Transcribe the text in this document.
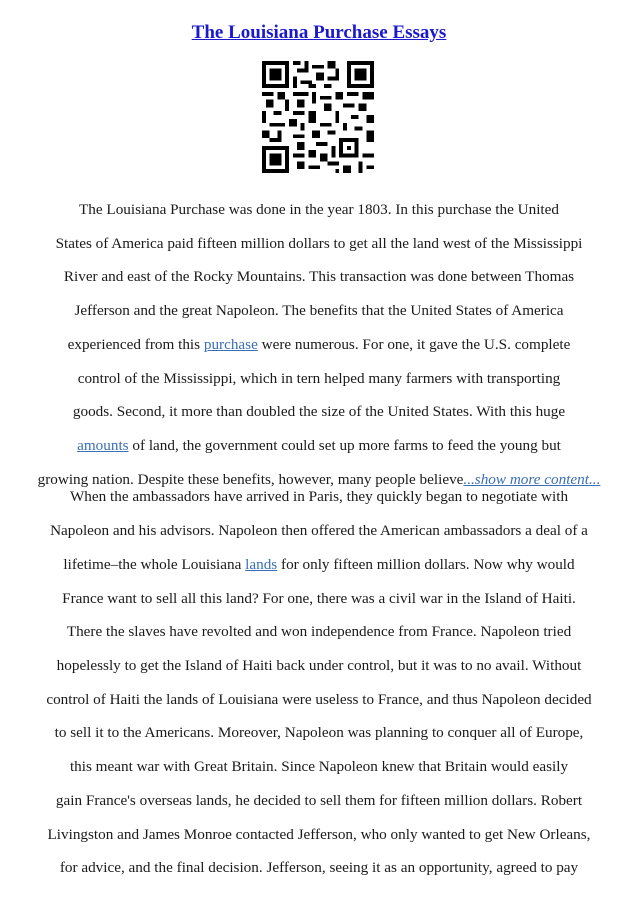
The Louisiana Purchase Essays
The Louisiana Purchase was done in the year 1803. In this purchase the United
States of America paid fifteen million dollars to get all the land west of the Mississippi
River and east of the Rocky Mountains. This transaction was done between Thomas
Jefferson and the great Napoleon. The benefits that the United States of America
experienced from this purchase were numerous. For one, it gave the U.S. complete
control of the Mississippi, which in tern helped many farmers with transporting
goods. Second, it more than doubled the size of the United States. With this huge
amounts of land, the government could set up more farms to feed the young but
growing nation. Despite these benefits, however, many people believe...show more content...
When the ambassadors have arrived in Paris, they quickly began to negotiate with
Napoleon and his advisors. Napoleon then offered the American ambassadors a deal of a
lifetime–the whole Louisiana lands for only fifteen million dollars. Now why would
France want to sell all this land? For one, there was a civil war in the Island of Haiti.
There the slaves have revolted and won independence from France. Napoleon tried
hopelessly to get the Island of Haiti back under control, but it was to no avail. Without
control of Haiti the lands of Louisiana were useless to France, and thus Napoleon decided
to sell it to the Americans. Moreover, Napoleon was planning to conquer all of Europe,
this meant war with Great Britain. Since Napoleon knew that Britain would easily
gain France's overseas lands, he decided to sell them for fifteen million dollars. Robert
Livingston and James Monroe contacted Jefferson, who only wanted to get New Orleans,
for advice, and the final decision. Jefferson, seeing it as an opportunity, agreed to pay
